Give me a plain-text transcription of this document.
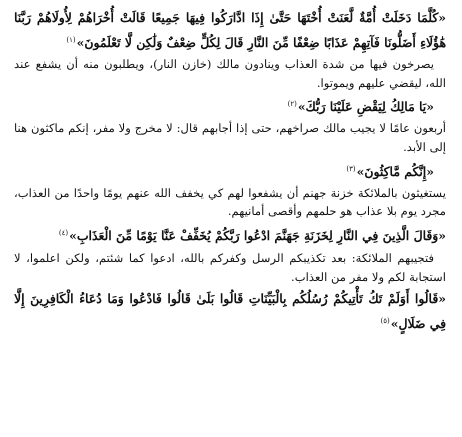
«كُلَّمَا دَخَلَتْ أُمَّةٌ لَّعَنَتْ أُخْتَهَا حَتَّىٰ إِذَا ادَّارَكُوا فِيهَا جَمِيعًا قَالَتْ أُخْرَاهُمْ لِأُولَاهُمْ رَبَّنَا هَٰؤُلَاءِ أَضَلُّونَا فَآتِهِمْ عَذَابًا ضِعْفًا مِّنَ النَّارِ قَالَ لِكُلٍّ ضِعْفٌ وَلَٰكِن لَّا تَعْلَمُونَ»$^{(١)}$

يصرخون فيها من شدة العذاب وينادون مالك (خازن النار)، ويطلبون منه أن يشفع عند الله، ليقضي عليهم ويموتوا.

«يَا مَالِكُ لِيَقْضِ عَلَيْنَا رَبُّكَ»$^{(٢)}$

أربعون عامًا لا يجيب مالك صراخهم، حتى إذا أجابهم قال: لا مخرج ولا مفر، إنكم ماكثون هنا إلى الأبد.

«إِنَّكُم مَّاكِثُونَ»$^{(٣)}$

يستغيثون بالملائكة خزنة جهنم أن يشفعوا لهم كي يخفف الله عنهم يومًا واحدًا من العذاب، مجرد يوم بلا عذاب هو حلمهم وأقصى أمانيهم.

«وَقَالَ الَّذِينَ فِي النَّارِ لِخَزَنَةِ جَهَنَّمَ ادْعُوا رَبَّكُمْ يُخَفِّفْ عَنَّا يَوْمًا مِّنَ الْعَذَابِ»$^{(٤)}$

فتجيبهم الملائكة: بعد تكذيبكم الرسل وكفركم بالله، ادعوا كما شئتم، ولكن اعلموا، لا استجابة لكم ولا مفر من العذاب.

«قَالُوا أَوَلَمْ تَكُ تَأْتِيكُمْ رُسُلُكُم بِالْبَيِّنَاتِ قَالُوا بَلَىٰ قَالُوا فَادْعُوا وَمَا دُعَاءُ الْكَافِرِينَ إِلَّا فِي ضَلَالٍ»$^{(٥)}$
